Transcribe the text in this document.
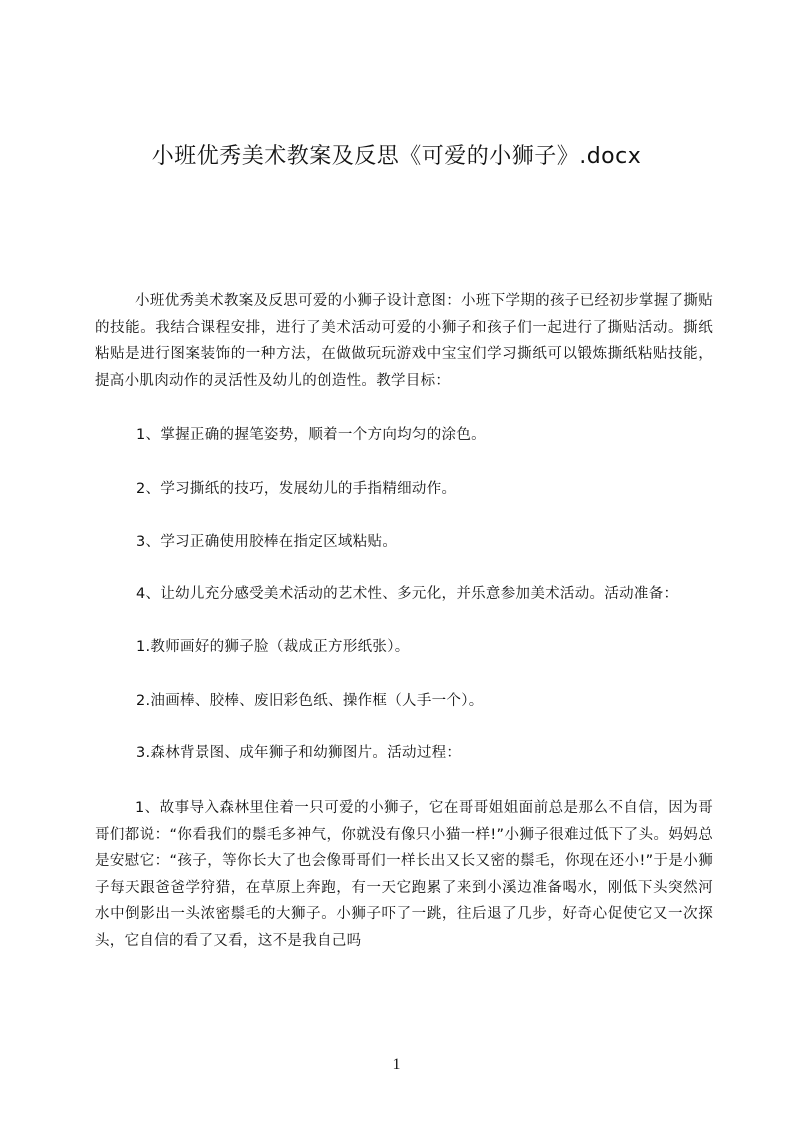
小班优秀美术教案及反思《可爱的小狮子》.docx

小班优秀美术教案及反思可爱的小狮子设计意图：小班下学期的孩子已经初步掌握了撕贴的技能。我结合课程安排，进行了美术活动可爱的小狮子和孩子们一起进行了撕贴活动。撕纸粘贴是进行图案装饰的一种方法，在做做玩玩游戏中宝宝们学习撕纸可以锻炼撕纸粘贴技能，提高小肌肉动作的灵活性及幼儿的创造性。教学目标：

1、掌握正确的握笔姿势，顺着一个方向均匀的涂色。

2、学习撕纸的技巧，发展幼儿的手指精细动作。

3、学习正确使用胶棒在指定区域粘贴。

4、让幼儿充分感受美术活动的艺术性、多元化，并乐意参加美术活动。活动准备：

1.教师画好的狮子脸（裁成正方形纸张）。

2.油画棒、胶棒、废旧彩色纸、操作框（人手一个）。

3.森林背景图、成年狮子和幼狮图片。活动过程：

1、故事导入森林里住着一只可爱的小狮子，它在哥哥姐姐面前总是那么不自信，因为哥哥们都说：“你看我们的鬃毛多神气，你就没有像只小猫一样!”小狮子很难过低下了头。妈妈总是安慰它：“孩子，等你长大了也会像哥哥们一样长出又长又密的鬃毛，你现在还小!”于是小狮子每天跟爸爸学狩猎，在草原上奔跑，有一天它跑累了来到小溪边准备喝水，刚低下头突然河水中倒影出一头浓密鬃毛的大狮子。小狮子吓了一跳，往后退了几步，好奇心促使它又一次探头，它自信的看了又看，这不是我自己吗

1
